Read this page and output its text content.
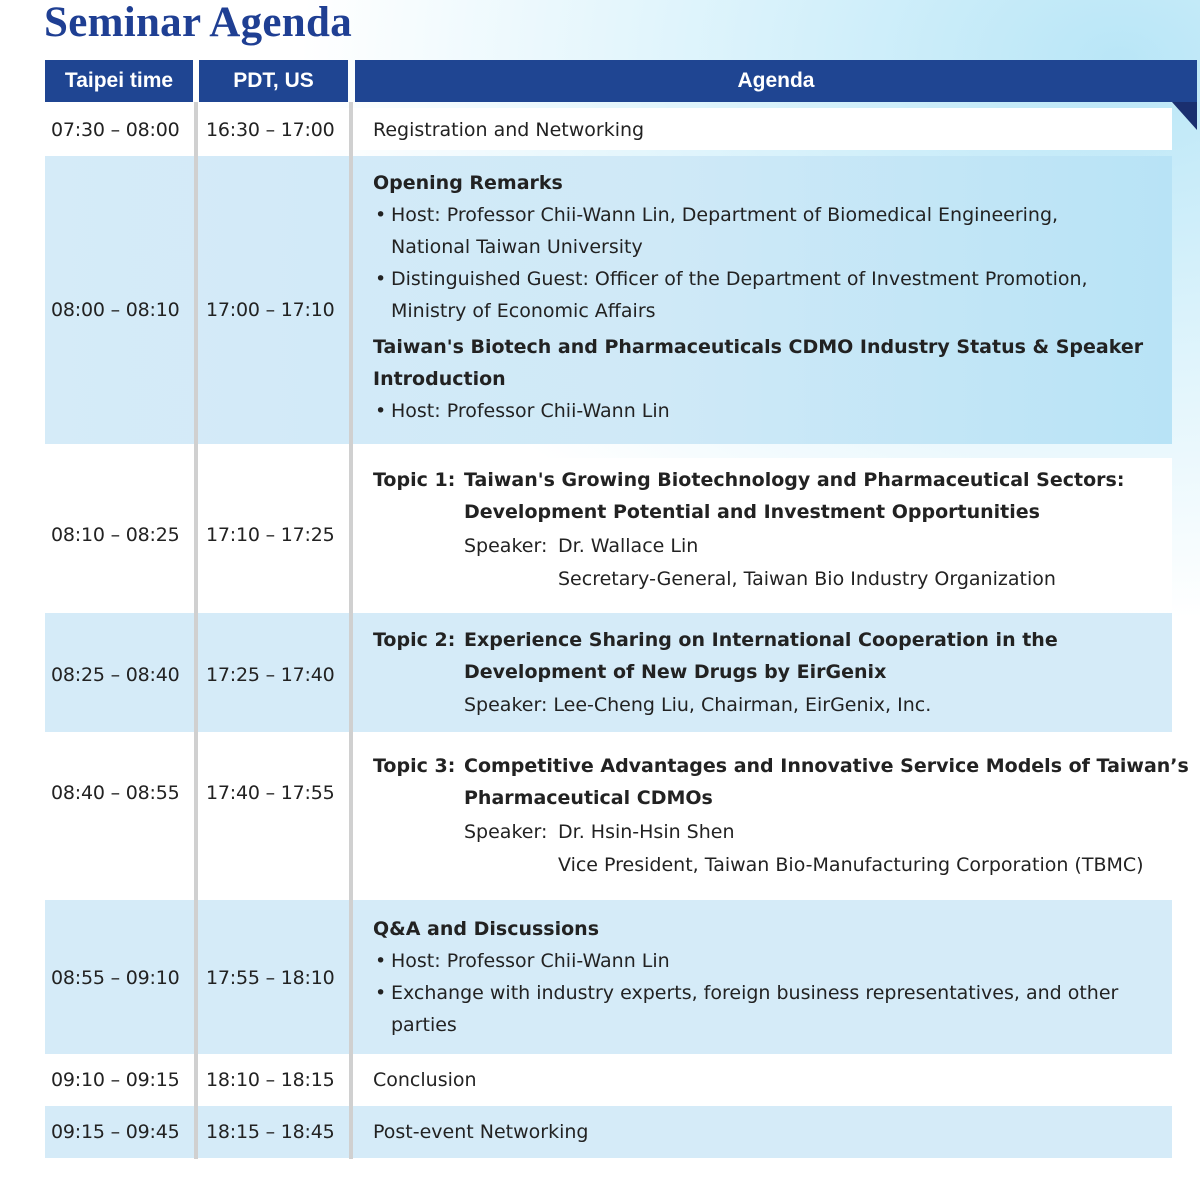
Seminar Agenda
Taipei time	PDT, US	Agenda
07:30 – 08:00 16:30 – 17:00
08:00 – 08:10 17:00 – 17:10
08:10 – 08:25 17:10 – 17:25
08:25 – 08:40 17:25 – 17:40
08:40 – 08:55 17:40 – 17:55
08:55 – 09:10 17:55 – 18:10
09:10 – 09:15 18:10 – 18:15
09:15 – 09:45 18:15 – 18:45
Registration and Networking
Opening Remarks
• Host: Professor Chii-Wann Lin, Department of Biomedical Engineering,
National Taiwan University
• Distinguished Guest: Officer of the Department of Investment Promotion,
Ministry of Economic Affairs
Taiwan's Biotech and Pharmaceuticals CDMO Industry Status & Speaker
Introduction
• Host: Professor Chii-Wann Lin
Topic 1: Taiwan's Growing Biotechnology and Pharmaceutical Sectors:
Development Potential and Investment Opportunities
Speaker: Dr. Wallace Lin
Secretary-General, Taiwan Bio Industry Organization
Topic 2: Experience Sharing on International Cooperation in the
Development of New Drugs by EirGenix
Speaker: Lee-Cheng Liu, Chairman, EirGenix, Inc.
Topic 3: Competitive Advantages and Innovative Service Models of Taiwan’s
Pharmaceutical CDMOs
Speaker: Dr. Hsin-Hsin Shen
Vice President, Taiwan Bio-Manufacturing Corporation (TBMC)
Q&A and Discussions
• Host: Professor Chii-Wann Lin
• Exchange with industry experts, foreign business representatives, and other
parties
Conclusion
Post-event Networking
